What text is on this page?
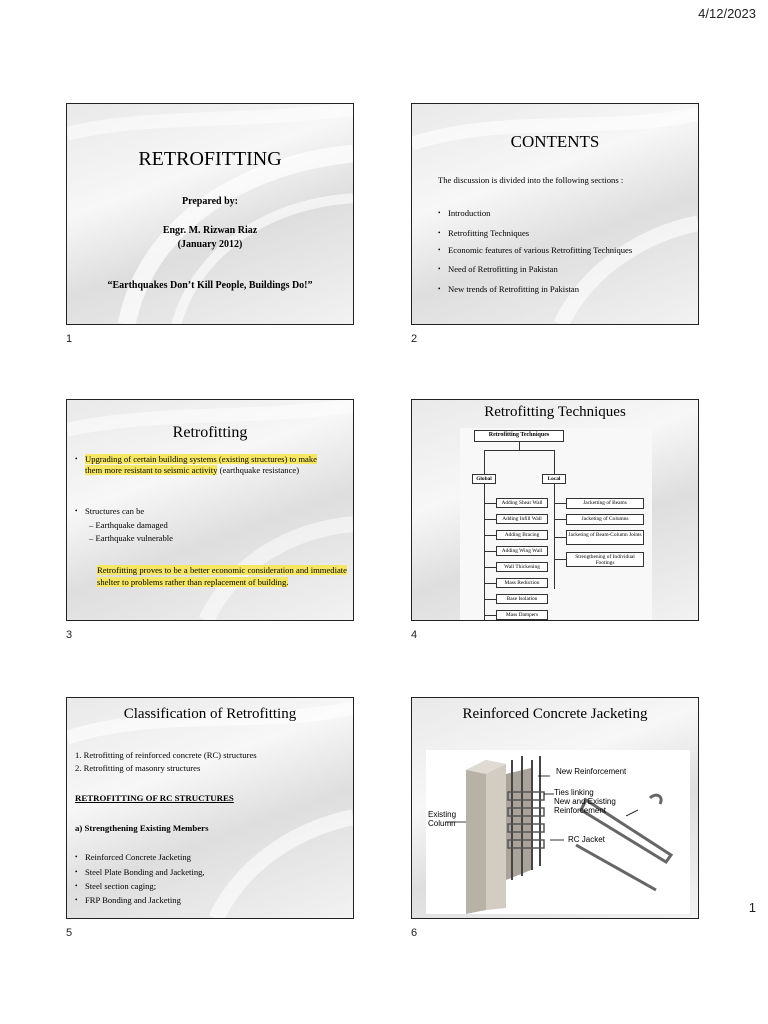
4/12/2023
RETROFITTING
Prepared by:
Engr. M. Rizwan Riaz
(January 2012)
“Earthquakes Don’t Kill People, Buildings Do!”
1
CONTENTS
The discussion is divided into the following sections :
• Introduction
• Retrofitting Techniques
• Economic features of various Retrofitting Techniques
• Need of Retrofitting in Pakistan
• New trends of Retrofitting in Pakistan
2
Retrofitting
• Upgrading of certain building systems (existing structures) to make them more resistant to seismic activity (earthquake resistance)
• Structures can be
– Earthquake damaged
– Earthquake vulnerable
Retrofitting proves to be a better economic consideration and immediate shelter to problems rather than replacement of building.
3
Retrofitting Techniques
Retrofitting Techniques
Global	Local
Adding Shear Wall
Adding Infill Wall
Adding Bracing
Adding Wing Wall
Wall Thickening
Mass Reduction
Base Isolation
Mass Dampers
Jacketting of Beams
Jacketing of Columns
Jacketing of Beam-Column Joints
Strengthening of Individual Footings
4
Classification of Retrofitting
1. Retrofitting of reinforced concrete (RC) structures
2. Retrofitting of masonry structures
RETROFITTING OF RC STRUCTURES
a) Strengthening Existing Members
• Reinforced Concrete Jacketing
• Steel Plate Bonding and Jacketing,
• Steel section caging;
• FRP Bonding and Jacketing
5
Reinforced Concrete Jacketing
New Reinforcement
Ties linking
New and Existing
Reinforcement
Existing
Column
RC Jacket
6
1
